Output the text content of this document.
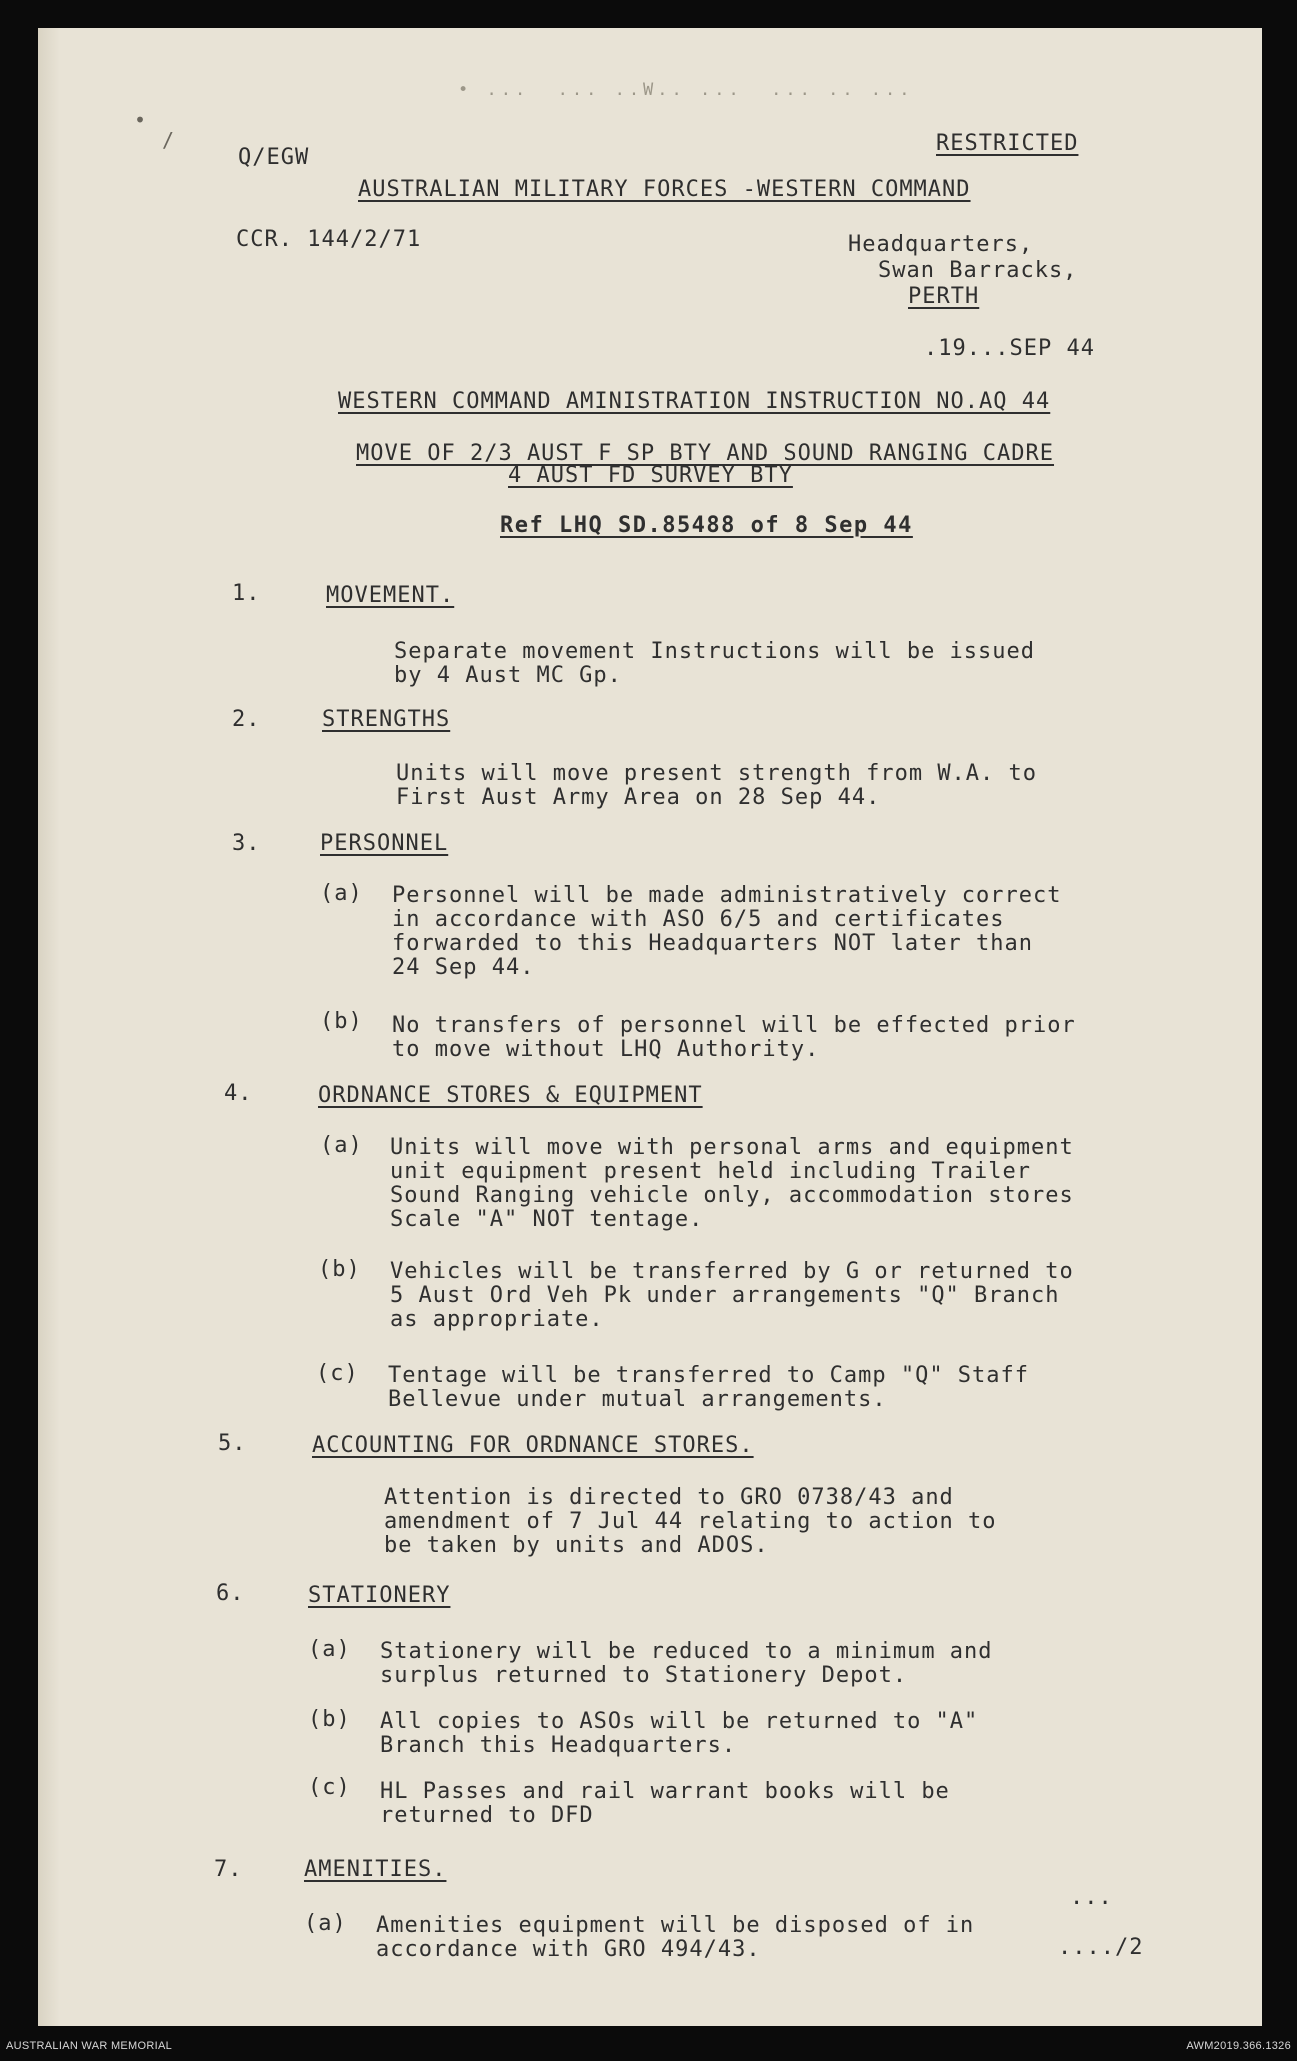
• ...  ... ..W.. ...  ... .. ...
•
/
Q/EGW
RESTRICTED
AUSTRALIAN MILITARY FORCES -WESTERN COMMAND
CCR. 144/2/71	Headquarters,
Swan Barracks,
PERTH
.19...SEP 44
WESTERN COMMAND AMINISTRATION INSTRUCTION NO.AQ 44
MOVE OF 2/3 AUST F SP BTY AND SOUND RANGING CADRE
4 AUST FD SURVEY BTY
Ref LHQ SD.85488 of 8 Sep 44
1.	MOVEMENT.
Separate movement Instructions will be issued
by 4 Aust MC Gp.
2.	STRENGTHS
Units will move present strength from W.A. to
First Aust Army Area on 28 Sep 44.
3.	PERSONNEL
(a) Personnel will be made administratively correct
in accordance with ASO 6/5 and certificates
forwarded to this Headquarters NOT later than
24 Sep 44.
(b) No transfers of personnel will be effected prior
to move without LHQ Authority.
4.	ORDNANCE STORES & EQUIPMENT
(a) Units will move with personal arms and equipment
unit equipment present held including Trailer
Sound Ranging vehicle only, accommodation stores
Scale "A" NOT tentage.
(b) Vehicles will be transferred by G or returned to
5 Aust Ord Veh Pk under arrangements "Q" Branch
as appropriate.
(c) Tentage will be transferred to Camp "Q" Staff
Bellevue under mutual arrangements.
5.	ACCOUNTING FOR ORDNANCE STORES.
Attention is directed to GRO 0738/43 and
amendment of 7 Jul 44 relating to action to
be taken by units and ADOS.
6.	STATIONERY
(a) Stationery will be reduced to a minimum and
surplus returned to Stationery Depot.
(b) All copies to ASOs will be returned to "A"
Branch this Headquarters.
(c) HL Passes and rail warrant books will be
returned to DFD
7.	AMENITIES.
(a) Amenities equipment will be disposed of in
accordance with GRO 494/43.
...
..../2
AUSTRALIAN WAR MEMORIAL	AWM2019.366.1326
